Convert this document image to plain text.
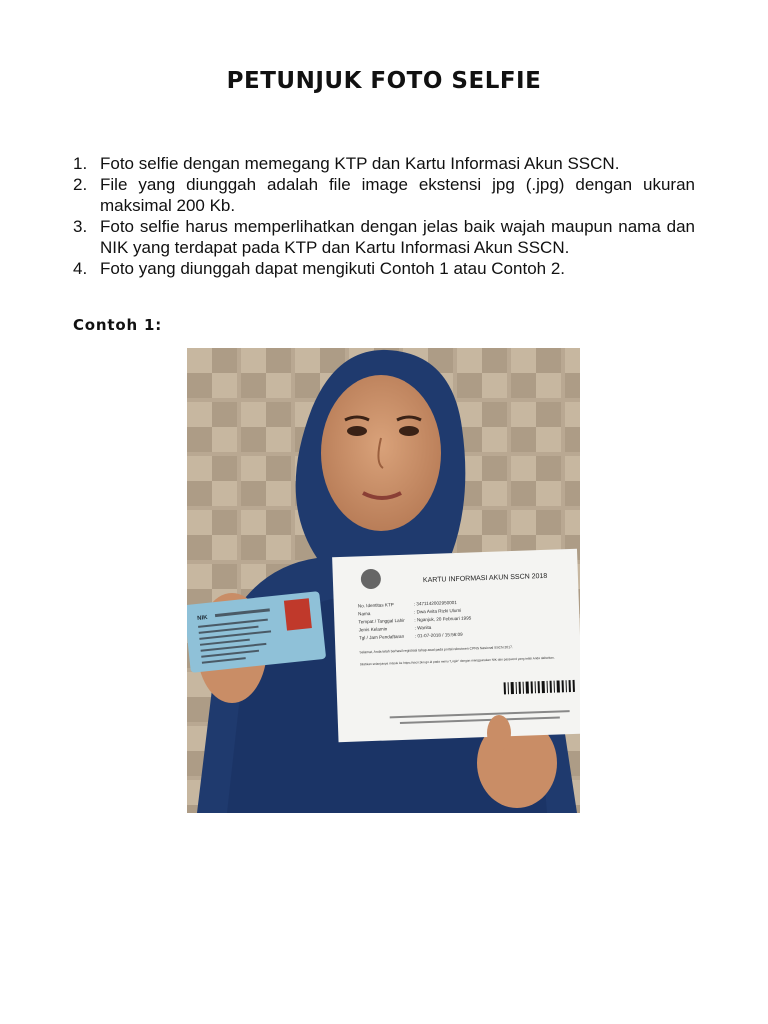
PETUNJUK FOTO SELFIE
1. Foto selfie dengan memegang KTP dan Kartu Informasi Akun SSCN.
2. File yang diunggah adalah file image ekstensi jpg (.jpg) dengan ukuran maksimal 200 Kb.
3. Foto selfie harus memperlihatkan dengan jelas baik wajah maupun nama dan NIK yang terdapat pada KTP dan Kartu Informasi Akun SSCN.
4. Foto yang diunggah dapat mengikuti Contoh 1 atau Contoh 2.
Contoh 1:
NIK
KARTU INFORMASI AKUN SSCN 2018
No. Identitas KTP	: 3471142002950001
Nama	: Dwa Avita Rizki Ulumi
Tempat / Tanggal Lahir : Nganjuk, 20 Februari 1995
Jenis Kelamin	: Wanita
Tgl / Jam Pendaftaran : 01-07-2018 / 15:56:09
Selamat, Anda telah berhasil registrasi tahap awal pada portal rekrutmen CPNS Nasional SSCN 2017.
Silahkan selanjutnya masuk ke https://sscn.bkn.go.id pada menu "Login" dengan menggunakan NIK dan password yang telah Anda daftarkan.
